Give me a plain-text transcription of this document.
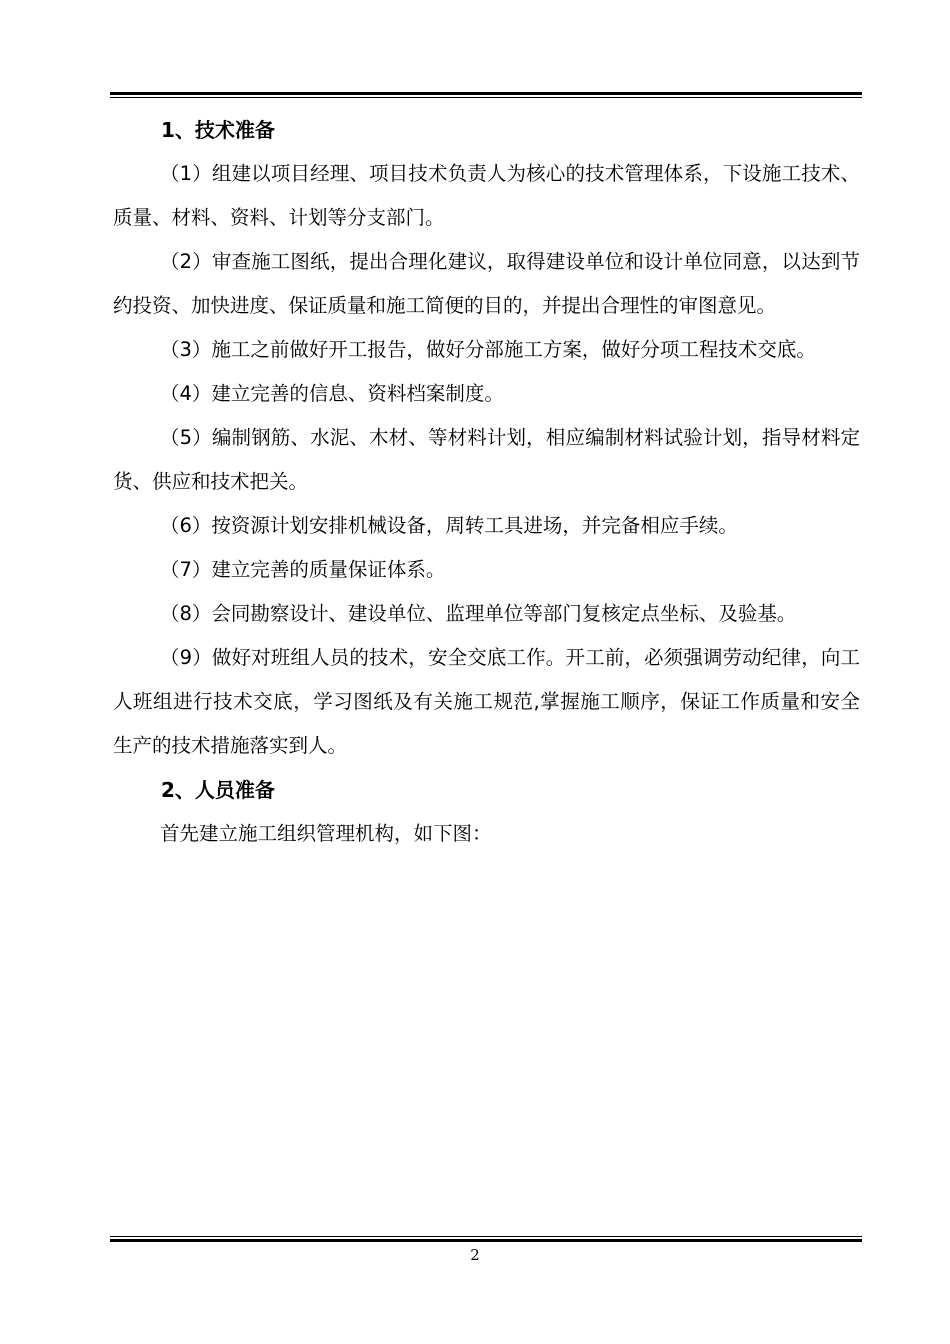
1、技术准备

（1）组建以项目经理、项目技术负责人为核心的技术管理体系，下设施工技术、质量、材料、资料、计划等分支部门。

（2）审查施工图纸，提出合理化建议，取得建设单位和设计单位同意，以达到节约投资、加快进度、保证质量和施工简便的目的，并提出合理性的审图意见。

（3）施工之前做好开工报告，做好分部施工方案，做好分项工程技术交底。

（4）建立完善的信息、资料档案制度。

（5）编制钢筋、水泥、木材、等材料计划，相应编制材料试验计划，指导材料定货、供应和技术把关。

（6）按资源计划安排机械设备，周转工具进场，并完备相应手续。

（7）建立完善的质量保证体系。

（8）会同勘察设计、建设单位、监理单位等部门复核定点坐标、及验基。

（9）做好对班组人员的技术，安全交底工作。开工前，必须强调劳动纪律，向工人班组进行技术交底，学习图纸及有关施工规范,掌握施工顺序，保证工作质量和安全生产的技术措施落实到人。

2、人员准备

首先建立施工组织管理机构，如下图：

2
